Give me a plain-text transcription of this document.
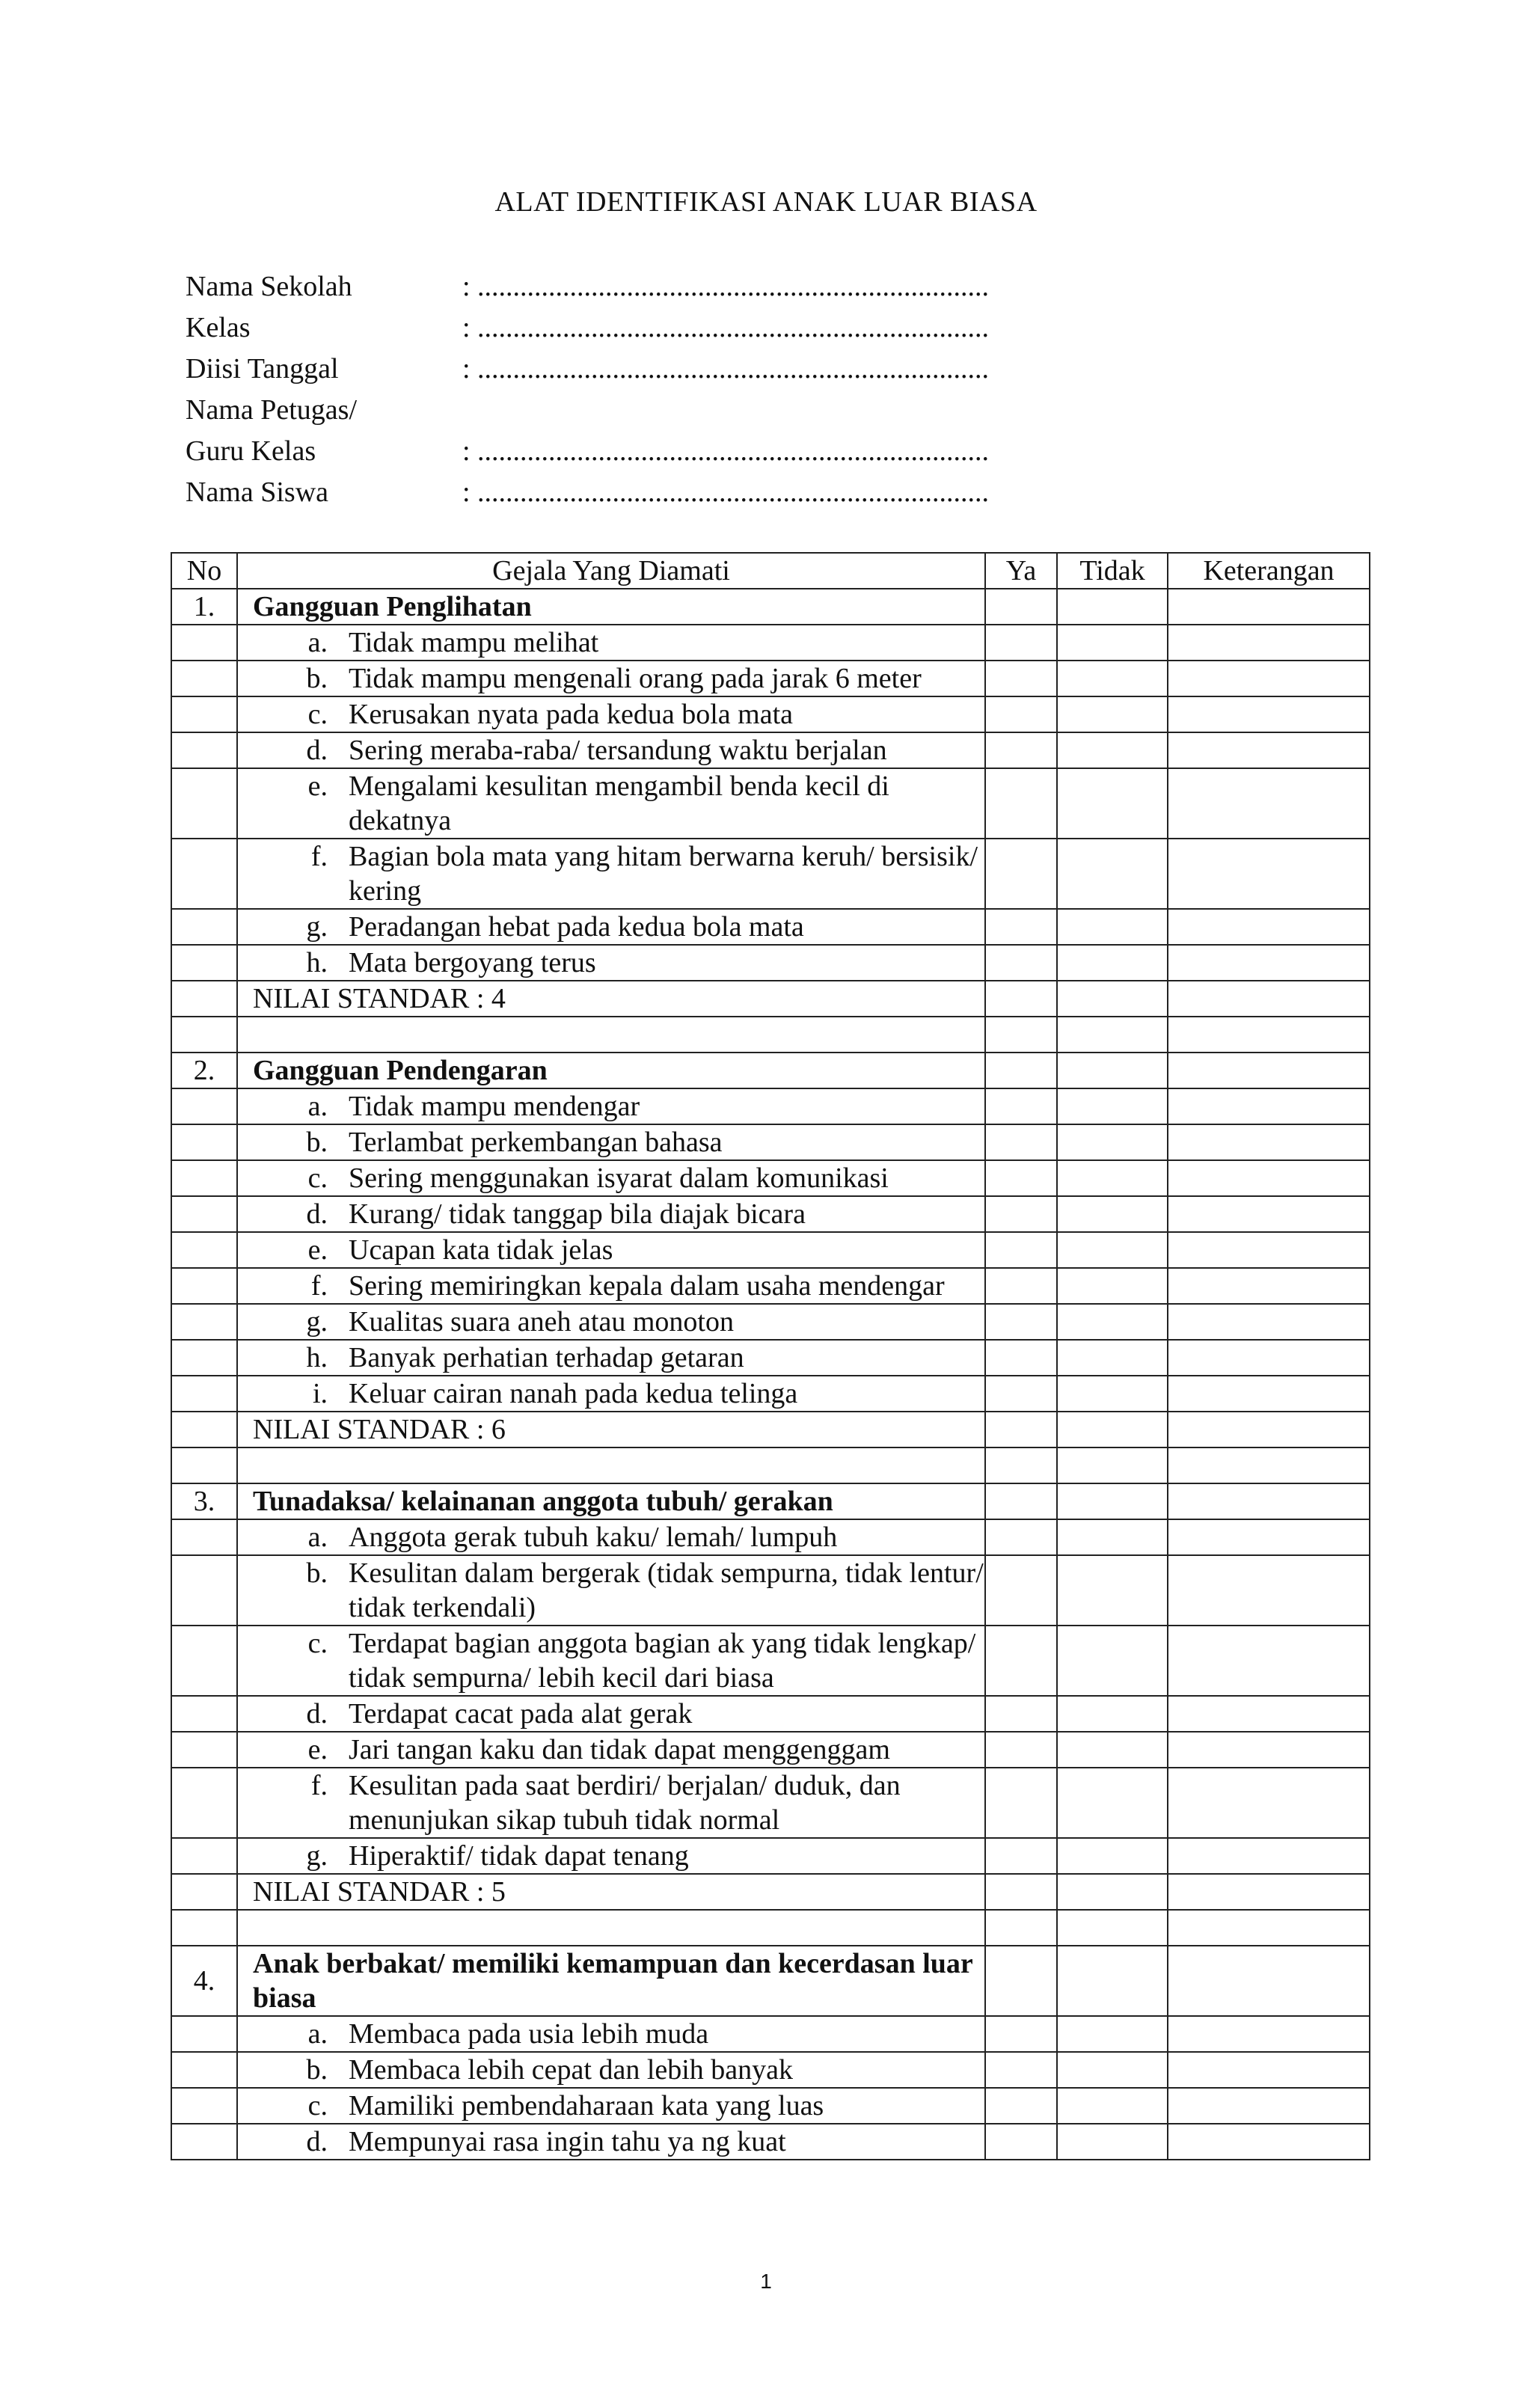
ALAT IDENTIFIKASI ANAK LUAR BIASA
Nama Sekolah	: ........................................................................
Kelas	: ........................................................................
Diisi Tanggal	: ........................................................................
Nama Petugas/
Guru Kelas	: ........................................................................
Nama Siswa	: ........................................................................
No	Gejala Yang Diamati	Ya	Tidak	Keterangan
1.	Gangguan Penglihatan			

	a. Tidak mampu melihat			

	b. Tidak mampu mengenali orang pada jarak 6 meter			

	c. Kerusakan nyata pada kedua bola mata			

	d. Sering meraba-raba/ tersandung waktu berjalan			

	e. Mengalami kesulitan mengambil benda kecil di dekatnya			

	f. Bagian bola mata yang hitam berwarna keruh/ bersisik/ kering			

	g. Peradangan hebat pada kedua bola mata			

	h. Mata bergoyang terus			

	NILAI STANDAR : 4			

2.	Gangguan Pendengaran			

	a. Tidak mampu mendengar			

	b. Terlambat perkembangan bahasa			

	c. Sering menggunakan isyarat dalam komunikasi			

	d. Kurang/ tidak tanggap bila diajak bicara			

	e. Ucapan kata tidak jelas			

	f. Sering memiringkan kepala dalam usaha mendengar			

	g. Kualitas suara aneh atau monoton			

	h. Banyak perhatian terhadap getaran			

	i. Keluar cairan nanah pada kedua telinga			

	NILAI STANDAR : 6			

3.	Tunadaksa/ kelainanan anggota tubuh/ gerakan			

	a. Anggota gerak tubuh kaku/ lemah/ lumpuh			

	b. Kesulitan dalam bergerak (tidak sempurna, tidak lentur/ tidak terkendali)			

	c. Terdapat bagian anggota bagian ak yang tidak lengkap/ tidak sempurna/ lebih kecil dari biasa			

	d. Terdapat cacat pada alat gerak			

	e. Jari tangan kaku dan tidak dapat menggenggam			

	f. Kesulitan pada saat berdiri/ berjalan/ duduk, dan menunjukan sikap tubuh tidak normal			

	g. Hiperaktif/ tidak dapat tenang			

	NILAI STANDAR : 5			

4.	Anak berbakat/ memiliki kemampuan dan kecerdasan luar biasa			

	a. Membaca pada usia lebih muda			

	b. Membaca lebih cepat dan lebih banyak			

	c. Mamiliki pembendaharaan kata yang luas			

	d. Mempunyai rasa ingin tahu ya ng kuat			

1
